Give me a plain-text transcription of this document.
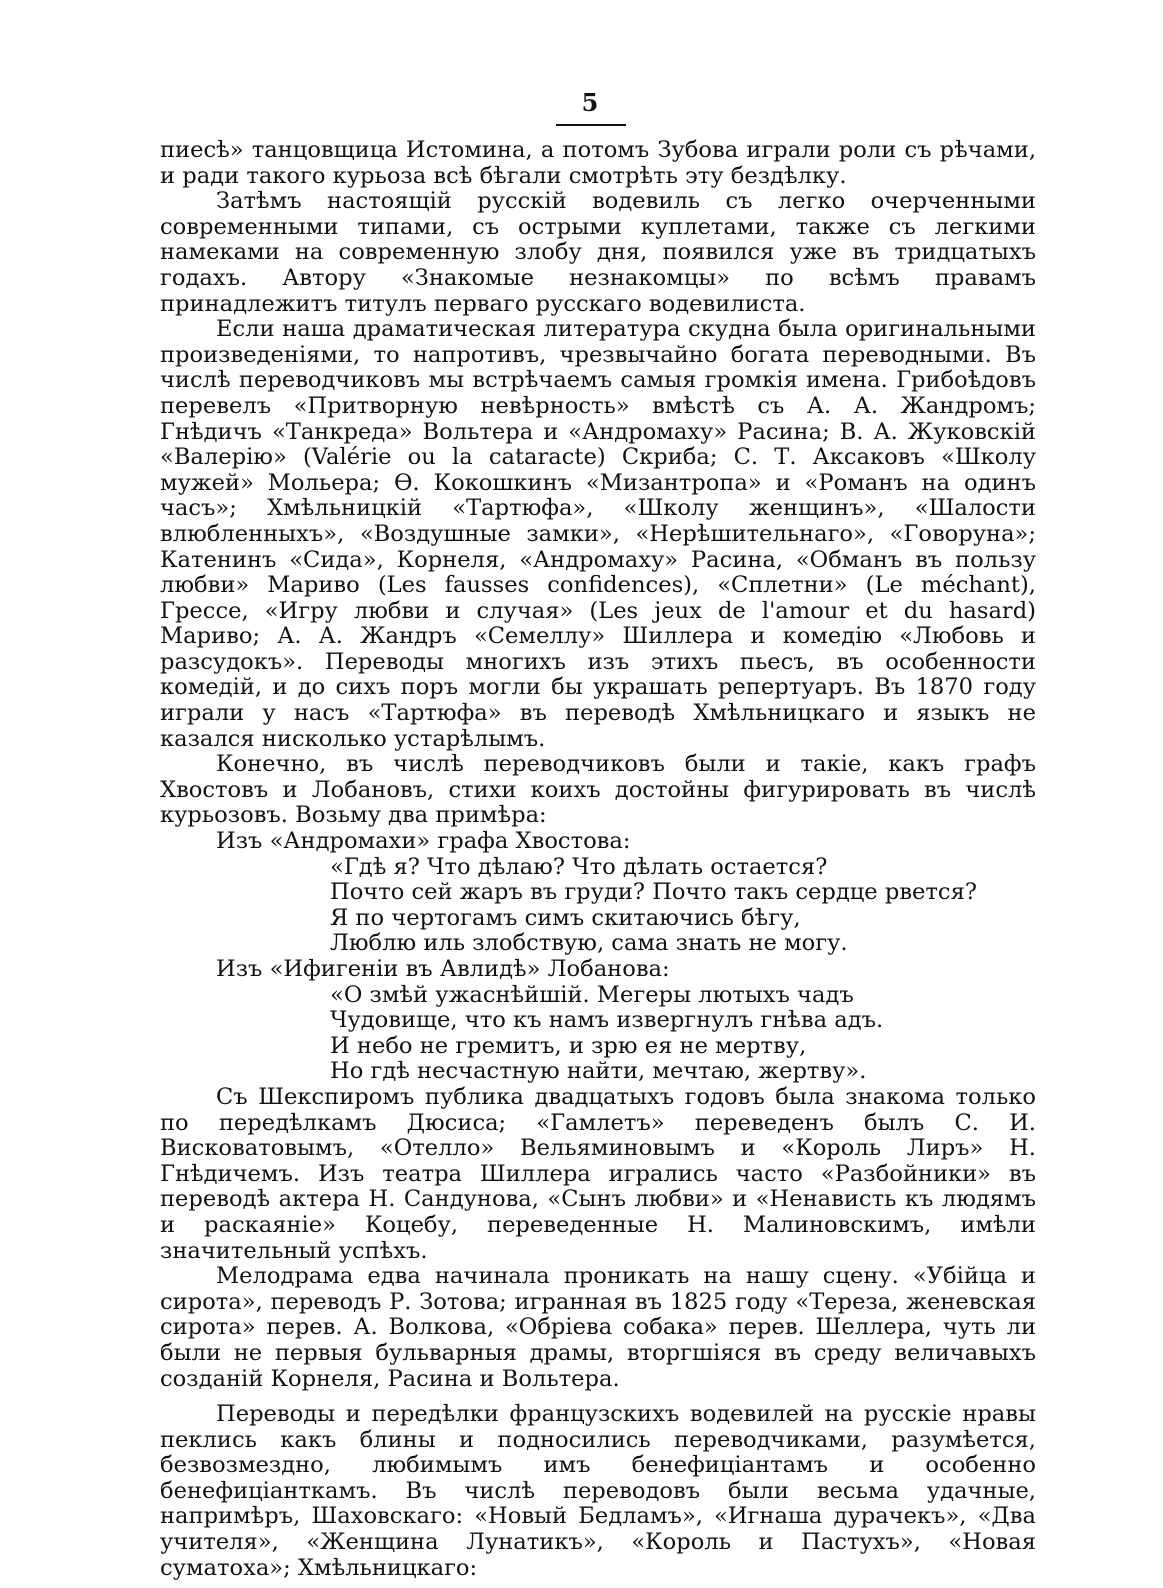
5

пиесѣ» танцовщица Истомина, а потомъ Зубова играли роли съ рѣчами, и ради такого курьоза всѣ бѣгали смотрѣть эту бездѣлку.

Затѣмъ настоящій русскій водевиль съ легко очерченными современными типами, съ острыми куплетами, также съ легкими намеками на современную злобу дня, появился уже въ тридцатыхъ годахъ. Автору «Знакомые незнакомцы» по всѣмъ правамъ принадлежитъ титулъ перваго русскаго водевилиста.

Если наша драматическая литература скудна была оригинальными произведеніями, то напротивъ, чрезвычайно богата переводными. Въ числѣ переводчиковъ мы встрѣчаемъ самыя громкія имена. Грибоѣдовъ перевелъ «Притворную невѣрность» вмѣстѣ съ А. А. Жандромъ; Гнѣдичъ «Танкреда» Вольтера и «Андромаху» Расина; В. А. Жуковскій «Валерію» (Valérie ou la cataracte) Скриба; С. Т. Аксаковъ «Школу мужей» Мольера; Ѳ. Кокошкинъ «Мизантропа» и «Романъ на одинъ часъ»; Хмѣльницкій «Тартюфа», «Школу женщинъ», «Шалости влюбленныхъ», «Воздушные замки», «Нерѣшительнаго», «Говоруна»; Катенинъ «Сида», Корнеля, «Андромаху» Расина, «Обманъ въ пользу любви» Мариво (Les fausses confidences), «Сплетни» (Le méchant), Грессе, «Игру любви и случая» (Les jeux de l'amour et du hasard) Мариво; А. А. Жандръ «Семеллу» Шиллера и комедію «Любовь и разсудокъ». Переводы многихъ изъ этихъ пьесъ, въ особенности комедій, и до сихъ поръ могли бы украшать репертуаръ. Въ 1870 году играли у насъ «Тартюфа» въ переводѣ Хмѣльницкаго и языкъ не казался нисколько устарѣлымъ.

Конечно, въ числѣ переводчиковъ были и такіе, какъ графъ Хвостовъ и Лобановъ, стихи коихъ достойны фигурировать въ числѣ курьозовъ. Возьму два примѣра:

Изъ «Андромахи» графа Хвостова:

«Гдѣ я? Что дѣлаю? Что дѣлать остается?
Почто сей жаръ въ груди? Почто такъ сердце рвется?
Я по чертогамъ симъ скитаючись бѣгу,
Люблю иль злобствую, сама знать не могу.

Изъ «Ифигеніи въ Авлидѣ» Лобанова:

«О змѣй ужаснѣйшій. Мегеры лютыхъ чадъ
Чудовище, что къ намъ извергнулъ гнѣва адъ.
И небо не гремитъ, и зрю ея не мертву,
Но гдѣ несчастную найти, мечтаю, жертву».

Съ Шекспиромъ публика двадцатыхъ годовъ была знакома только по передѣлкамъ Дюсиса; «Гамлетъ» переведенъ былъ С. И. Висковатовымъ, «Отелло» Вельяминовымъ и «Король Лиръ» Н. Гнѣдичемъ. Изъ театра Шиллера игрались часто «Разбойники» въ переводѣ актера Н. Сандунова, «Сынъ любви» и «Ненависть къ людямъ и раскаяніе» Коцебу, переведенные Н. Малиновскимъ, имѣли значительный успѣхъ.

Мелодрама едва начинала проникать на нашу сцену. «Убійца и сирота», переводъ Р. Зотова; игранная въ 1825 году «Тереза, женевская сирота» перев. А. Волкова, «Обріева собака» перев. Шеллера, чуть ли были не первыя бульварныя драмы, вторгшіяся въ среду величавыхъ созданій Корнеля, Расина и Вольтера.

Переводы и передѣлки французскихъ водевилей на русскіе нравы пеклись какъ блины и подносились переводчиками, разумѣется, безвозмездно, любимымъ имъ бенефиціантамъ и особенно бенефиціанткамъ. Въ числѣ переводовъ были весьма удачные, напримѣръ, Шаховскаго: «Новый Бедламъ», «Игнаша дурачекъ», «Два учителя», «Женщина Лунатикъ», «Король и Пастухъ», «Новая суматоха»; Хмѣльницкаго:
